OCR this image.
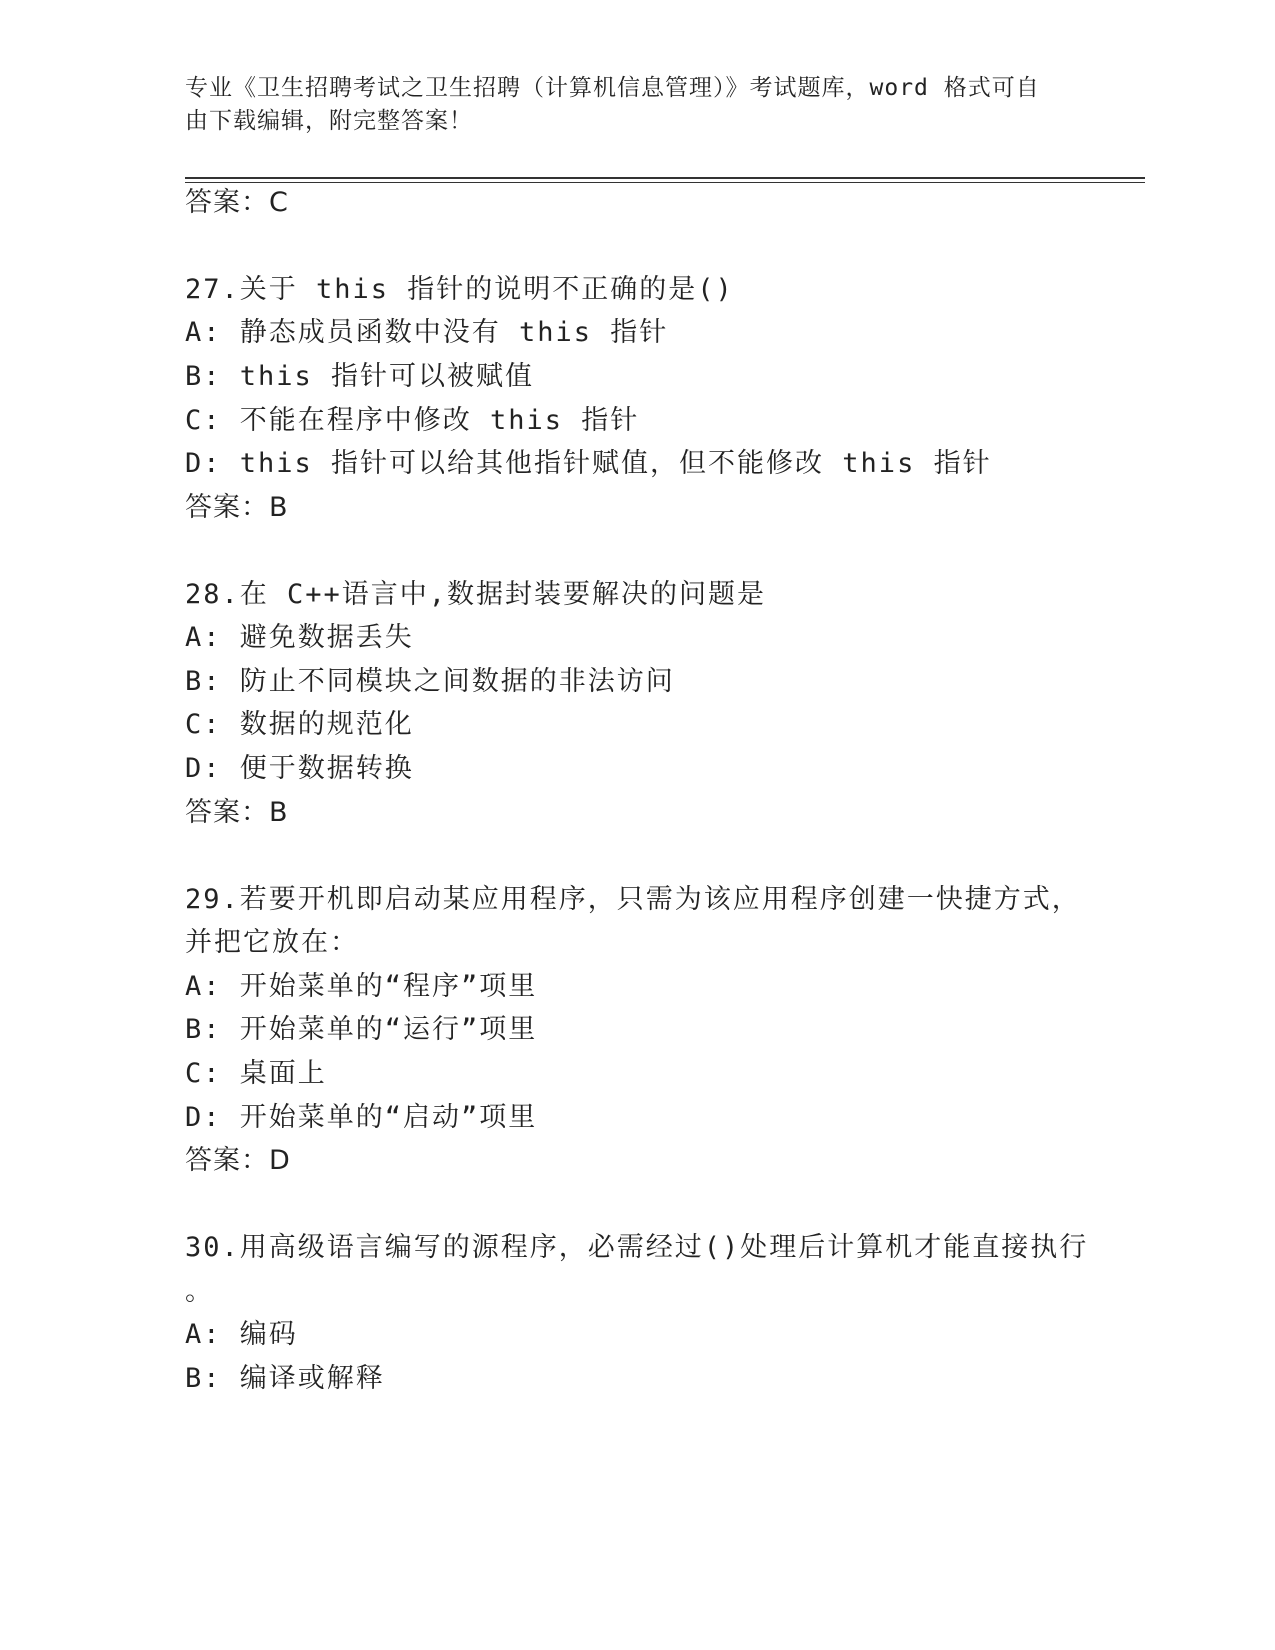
专业《卫生招聘考试之卫生招聘（计算机信息管理）》考试题库，word 格式可自
由下载编辑，附完整答案！
答案：C
27.关于 this 指针的说明不正确的是()
A: 静态成员函数中没有 this 指针
B: this 指针可以被赋值
C: 不能在程序中修改 this 指针
D: this 指针可以给其他指针赋值，但不能修改 this 指针
答案：B
28.在 C++语言中,数据封装要解决的问题是
A: 避免数据丢失
B: 防止不同模块之间数据的非法访问
C: 数据的规范化
D: 便于数据转换
答案：B
29.若要开机即启动某应用程序，只需为该应用程序创建一快捷方式，
并把它放在：
A: 开始菜单的“程序”项里
B: 开始菜单的“运行”项里
C: 桌面上
D: 开始菜单的“启动”项里
答案：D
30.用高级语言编写的源程序，必需经过()处理后计算机才能直接执行
。
A: 编码
B: 编译或解释
